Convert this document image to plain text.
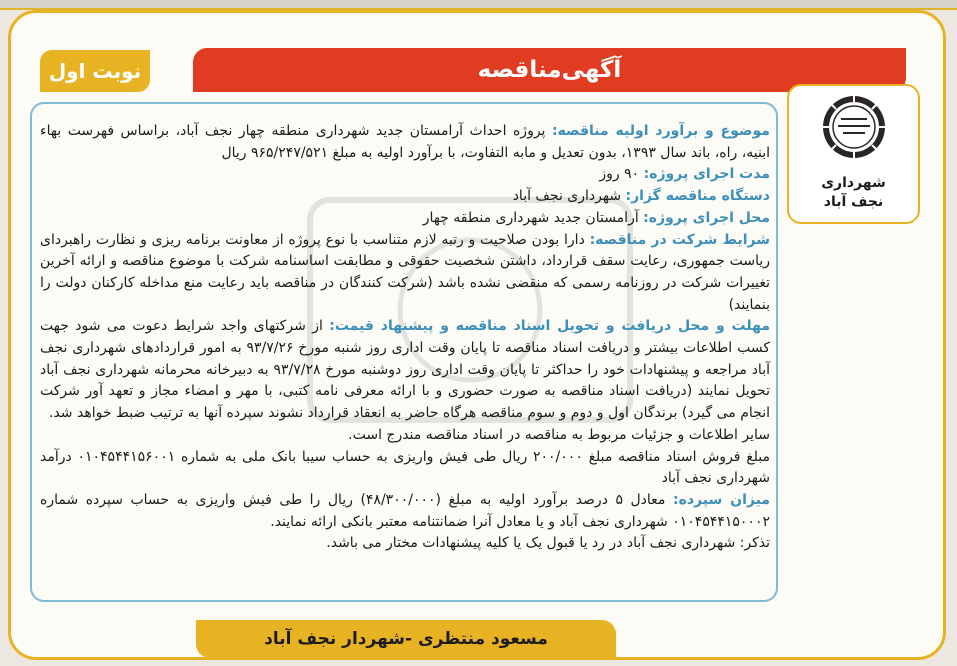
نوبت اول	آگهی‌مناقصه
شهرداری
نجف آباد

موضوع و برآورد اولیه مناقصه: پروژه احداث آرامستان جدید شهرداری منطقه چهار نجف آباد، براساس فهرست بهاء ابنیه، راه، باند سال ۱۳۹۳، بدون تعدیل و مابه التفاوت، با برآورد اولیه به مبلغ ۹۶۵/۲۴۷/۵۲۱ ریال

مدت اجرای پروژه: ۹۰ روز

دستگاه مناقصه گزار: شهرداری نجف آباد

محل اجرای پروژه: آرامستان جدید شهرداری منطقه چهار

شرایط شرکت در مناقصه: دارا بودن صلاحیت و رتبه لازم متناسب با نوع پروژه از معاونت برنامه ریزی و نظارت راهبردای ریاست جمهوری، رعایت سقف قرارداد، داشتن شخصیت حقوقی و مطابقت اساسنامه شرکت با موضوع مناقصه و ارائه آخرین تغییرات شرکت در روزنامه رسمی که منقضی نشده باشد (شرکت کنندگان در مناقصه باید رعایت منع مداخله کارکنان دولت را بنمایند)

مهلت و محل دریافت و تحویل اسناد مناقصه و پیشنهاد قیمت: از شرکتهای واجد شرایط دعوت می شود جهت کسب اطلاعات بیشتر و دریافت اسناد مناقصه تا پایان وقت اداری روز شنبه مورخ ۹۳/۷/۲۶ به امور قراردادهای شهرداری نجف آباد مراجعه و پیشنهادات خود را حداکثر تا پایان وقت اداری روز دوشنبه مورخ ۹۳/۷/۲۸ به دبیرخانه محرمانه شهرداری نجف آباد تحویل نمایند (دریافت اسناد مناقصه به صورت حضوری و با ارائه معرفی نامه کتبی، با مهر و امضاء مجاز و تعهد آور شرکت انجام می گیرد) برندگان اول و دوم و سوم مناقصه هرگاه حاضر به انعقاد قرارداد نشوند سپرده آنها به ترتیب ضبط خواهد شد.

سایر اطلاعات و جزئیات مربوط به مناقصه در اسناد مناقصه مندرج است.

مبلغ فروش اسناد مناقصه مبلغ ۲۰۰/۰۰۰ ریال طی فیش واریزی به حساب سیبا بانک ملی به شماره ۰۱۰۴۵۴۴۱۵۶۰۰۱ درآمد شهرداری نجف آباد

میزان سپرده: معادل ۵ درصد برآورد اولیه به مبلغ (۴۸/۳۰۰/۰۰۰) ریال را طی فیش واریزی به حساب سپرده شماره ۰۱۰۴۵۴۴۱۵۰۰۰۲ شهرداری نجف آباد و یا معادل آنرا ضمانتنامه معتبر بانکی ارائه نمایند.

تذکر: شهرداری نجف آباد در رد یا قبول یک یا کلیه پیشنهادات مختار می باشد.

مسعود منتظری -شهردار نجف آباد
